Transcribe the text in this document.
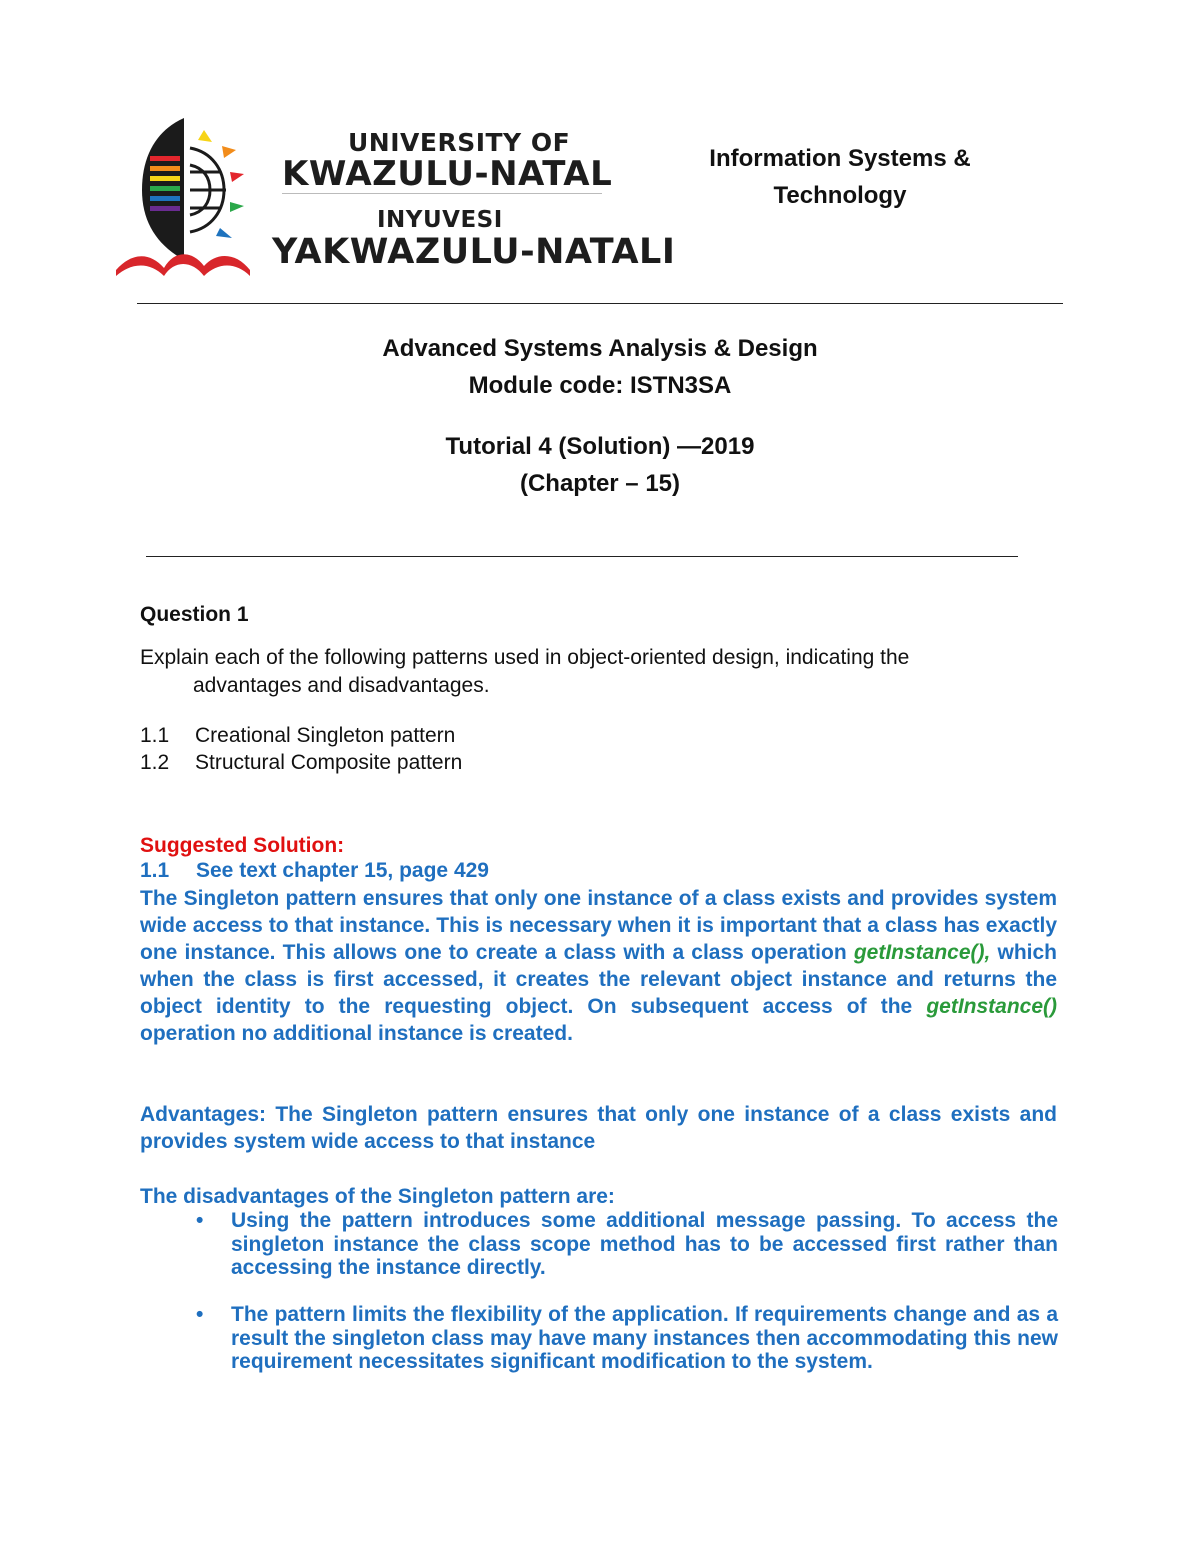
UNIVERSITY OF
KWAZULU-NATAL
INYUVESI
YAKWAZULU-NATALI
Information Systems & Technology
Advanced Systems Analysis & Design
Module code: ISTN3SA
Tutorial 4 (Solution) —2019
(Chapter – 15)
Question 1
Explain each of the following patterns used in object-oriented design, indicating the
advantages and disadvantages.
1.1 Creational Singleton pattern
1.2 Structural Composite pattern
Suggested Solution:
1.1 See text chapter 15, page 429
The Singleton pattern ensures that only one instance of a class exists and provides system wide access to that instance. This is necessary when it is important that a class has exactly one instance. This allows one to create a class with a class operation getInstance(), which when the class is first accessed, it creates the relevant object instance and returns the object identity to the requesting object. On subsequent access of the getInstance() operation no additional instance is created.
Advantages: The Singleton pattern ensures that only one instance of a class exists and provides system wide access to that instance
The disadvantages of the Singleton pattern are:
• Using the pattern introduces some additional message passing. To access the singleton instance the class scope method has to be accessed first rather than accessing the instance directly.
• The pattern limits the flexibility of the application. If requirements change and as a result the singleton class may have many instances then accommodating this new requirement necessitates significant modification to the system.
